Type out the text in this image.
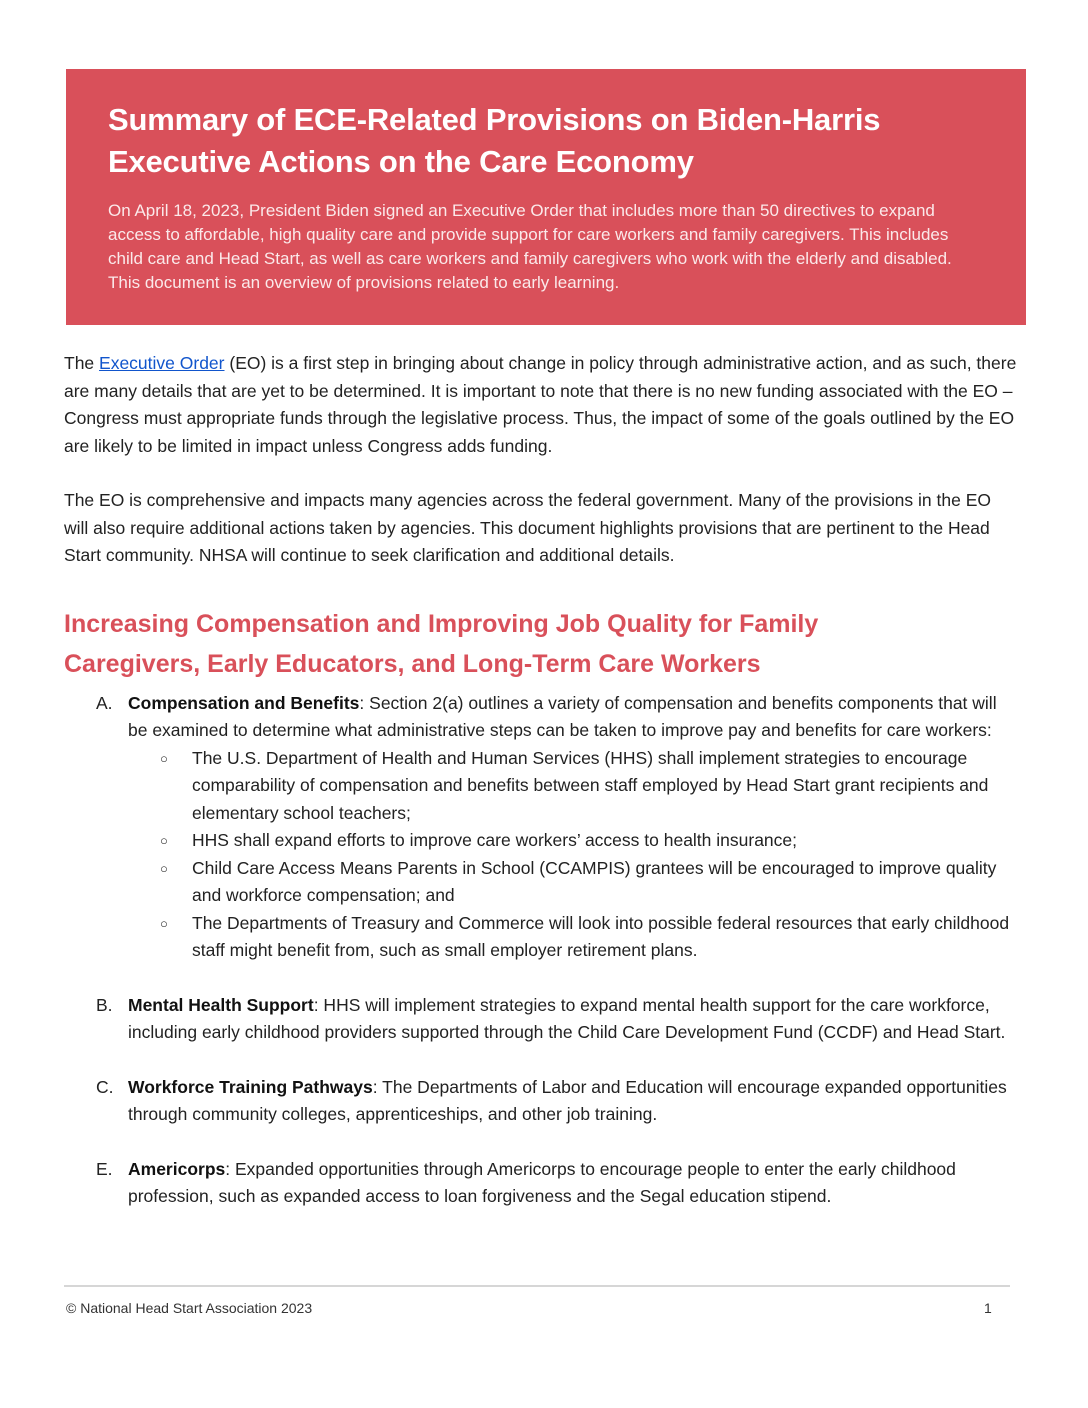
Summary of ECE-Related Provisions on Biden-Harris
Executive Actions on the Care Economy

On April 18, 2023, President Biden signed an Executive Order that includes more than 50 directives to expand access to affordable, high quality care and provide support for care workers and family caregivers. This includes child care and Head Start, as well as care workers and family caregivers who work with the elderly and disabled. This document is an overview of provisions related to early learning.

The Executive Order (EO) is a first step in bringing about change in policy through administrative action, and as such, there are many details that are yet to be determined. It is important to note that there is no new funding associated with the EO – Congress must appropriate funds through the legislative process. Thus, the impact of some of the goals outlined by the EO are likely to be limited in impact unless Congress adds funding.

The EO is comprehensive and impacts many agencies across the federal government. Many of the provisions in the EO will also require additional actions taken by agencies. This document highlights provisions that are pertinent to the Head Start community. NHSA will continue to seek clarification and additional details.

Increasing Compensation and Improving Job Quality for Family
Caregivers, Early Educators, and Long-Term Care Workers
A. Compensation and Benefits: Section 2(a) outlines a variety of compensation and benefits components that will be examined to determine what administrative steps can be taken to improve pay and benefits for care workers:
○ The U.S. Department of Health and Human Services (HHS) shall implement strategies to encourage comparability of compensation and benefits between staff employed by Head Start grant recipients and elementary school teachers;
○ HHS shall expand efforts to improve care workers’ access to health insurance;
○ Child Care Access Means Parents in School (CCAMPIS) grantees will be encouraged to improve quality and workforce compensation; and
○ The Departments of Treasury and Commerce will look into possible federal resources that early childhood staff might benefit from, such as small employer retirement plans.
B. Mental Health Support: HHS will implement strategies to expand mental health support for the care workforce, including early childhood providers supported through the Child Care Development Fund (CCDF) and Head Start.
C. Workforce Training Pathways: The Departments of Labor and Education will encourage expanded opportunities through community colleges, apprenticeships, and other job training.
E. Americorps: Expanded opportunities through Americorps to encourage people to enter the early childhood profession, such as expanded access to loan forgiveness and the Segal education stipend.
© National Head Start Association 2023	1
